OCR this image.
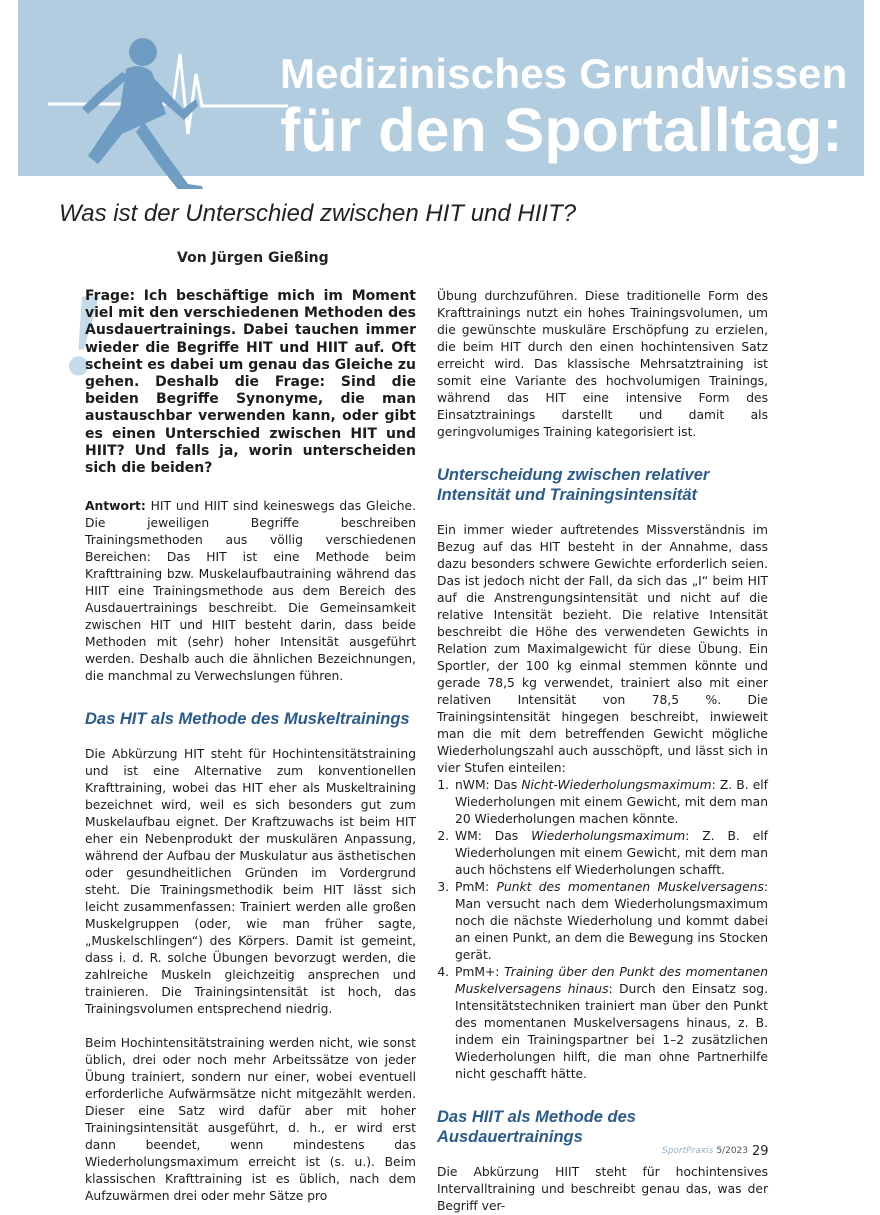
Medizinisches Grundwissen
für den Sportalltag:
Was ist der Unterschied zwischen HIT und HIIT?
Von Jürgen Gießing
!

Frage: Ich beschäftige mich im Moment viel mit den verschiedenen Methoden des Ausdauertrainings. Dabei tauchen immer wieder die Begriffe HIT und HIIT auf. Oft scheint es dabei um genau das Gleiche zu gehen. Deshalb die Frage: Sind die beiden Begriffe Synonyme, die man austauschbar verwenden kann, oder gibt es einen Unterschied zwischen HIT und HIIT? Und falls ja, worin unterscheiden sich die beiden?

Antwort: HIT und HIIT sind keineswegs das Gleiche. Die jeweiligen Begriffe beschreiben Trainingsmethoden aus völlig verschiedenen Bereichen: Das HIT ist eine Methode beim Krafttraining bzw. Muskelaufbautraining während das HIIT eine Trainingsmethode aus dem Bereich des Ausdauertrainings beschreibt. Die Gemeinsamkeit zwischen HIT und HIIT besteht darin, dass beide Methoden mit (sehr) hoher Intensität ausgeführt werden. Deshalb auch die ähnlichen Bezeichnungen, die manchmal zu Verwechslungen führen.

Das HIT als Methode des Muskeltrainings

Die Abkürzung HIT steht für Hochintensitätstraining und ist eine Alternative zum konventionellen Krafttraining, wobei das HIT eher als Muskeltraining bezeichnet wird, weil es sich besonders gut zum Muskelaufbau eignet. Der Kraftzuwachs ist beim HIT eher ein Nebenprodukt der muskulären Anpassung, während der Aufbau der Muskulatur aus ästhetischen oder gesundheitlichen Gründen im Vordergrund steht. Die Trainingsmethodik beim HIT lässt sich leicht zusammenfassen: Trainiert werden alle großen Muskelgruppen (oder, wie man früher sagte, „Muskelschlingen“) des Körpers. Damit ist gemeint, dass i. d. R. solche Übungen bevorzugt werden, die zahlreiche Muskeln gleichzeitig ansprechen und trainieren. Die Trainingsintensität ist hoch, das Trainingsvolumen entsprechend niedrig.

Beim Hochintensitätstraining werden nicht, wie sonst üblich, drei oder noch mehr Arbeitssätze von jeder Übung trainiert, sondern nur einer, wobei eventuell erforderliche Aufwärmsätze nicht mitgezählt werden. Dieser eine Satz wird dafür aber mit hoher Trainingsintensität ausgeführt, d. h., er wird erst dann beendet, wenn mindestens das Wiederholungsmaximum erreicht ist (s. u.). Beim klassischen Krafttraining ist es üblich, nach dem Aufzuwärmen drei oder mehr Sätze pro

Übung durchzuführen. Diese traditionelle Form des Krafttrainings nutzt ein hohes Trainingsvolumen, um die gewünschte muskuläre Erschöpfung zu erzielen, die beim HIT durch den einen hochintensiven Satz erreicht wird. Das klassische Mehrsatztraining ist somit eine Variante des hochvolumigen Trainings, während das HIT eine intensive Form des Einsatztrainings darstellt und damit als geringvolumiges Training kategorisiert ist.

Unterscheidung zwischen relativer Intensität und Trainingsintensität

Ein immer wieder auftretendes Missverständnis im Bezug auf das HIT besteht in der Annahme, dass dazu besonders schwere Gewichte erforderlich seien. Das ist jedoch nicht der Fall, da sich das „I“ beim HIT auf die Anstrengungsintensität und nicht auf die relative Intensität bezieht. Die relative Intensität beschreibt die Höhe des verwendeten Gewichts in Relation zum Maximalgewicht für diese Übung. Ein Sportler, der 100 kg einmal stemmen könnte und gerade 78,5 kg verwendet, trainiert also mit einer relativen Intensität von 78,5 %. Die Trainingsintensität hingegen beschreibt, inwieweit man die mit dem betreffenden Gewicht mögliche Wiederholungszahl auch ausschöpft, und lässt sich in vier Stufen einteilen:

1. nWM: Das Nicht-Wiederholungsmaximum: Z. B. elf Wiederholungen mit einem Gewicht, mit dem man 20 Wiederholungen machen könnte.
2. WM: Das Wiederholungsmaximum: Z. B. elf Wiederholungen mit einem Gewicht, mit dem man auch höchstens elf Wiederholungen schafft.
3. PmM: Punkt des momentanen Muskelversagens: Man versucht nach dem Wiederholungsmaximum noch die nächste Wiederholung und kommt dabei an einen Punkt, an dem die Bewegung ins Stocken gerät.
4. PmM+: Training über den Punkt des momentanen Muskelversagens hinaus: Durch den Einsatz sog. Intensitätstechniken trainiert man über den Punkt des momentanen Muskelversagens hinaus, z. B. indem ein Trainingspartner bei 1–2 zusätzlichen Wiederholungen hilft, die man ohne Partnerhilfe nicht geschafft hätte.
Das HIIT als Methode des Ausdauertrainings

Die Abkürzung HIIT steht für hochintensives Intervalltraining und beschreibt genau das, was der Begriff ver-

SportPraxis 5/2023 29
